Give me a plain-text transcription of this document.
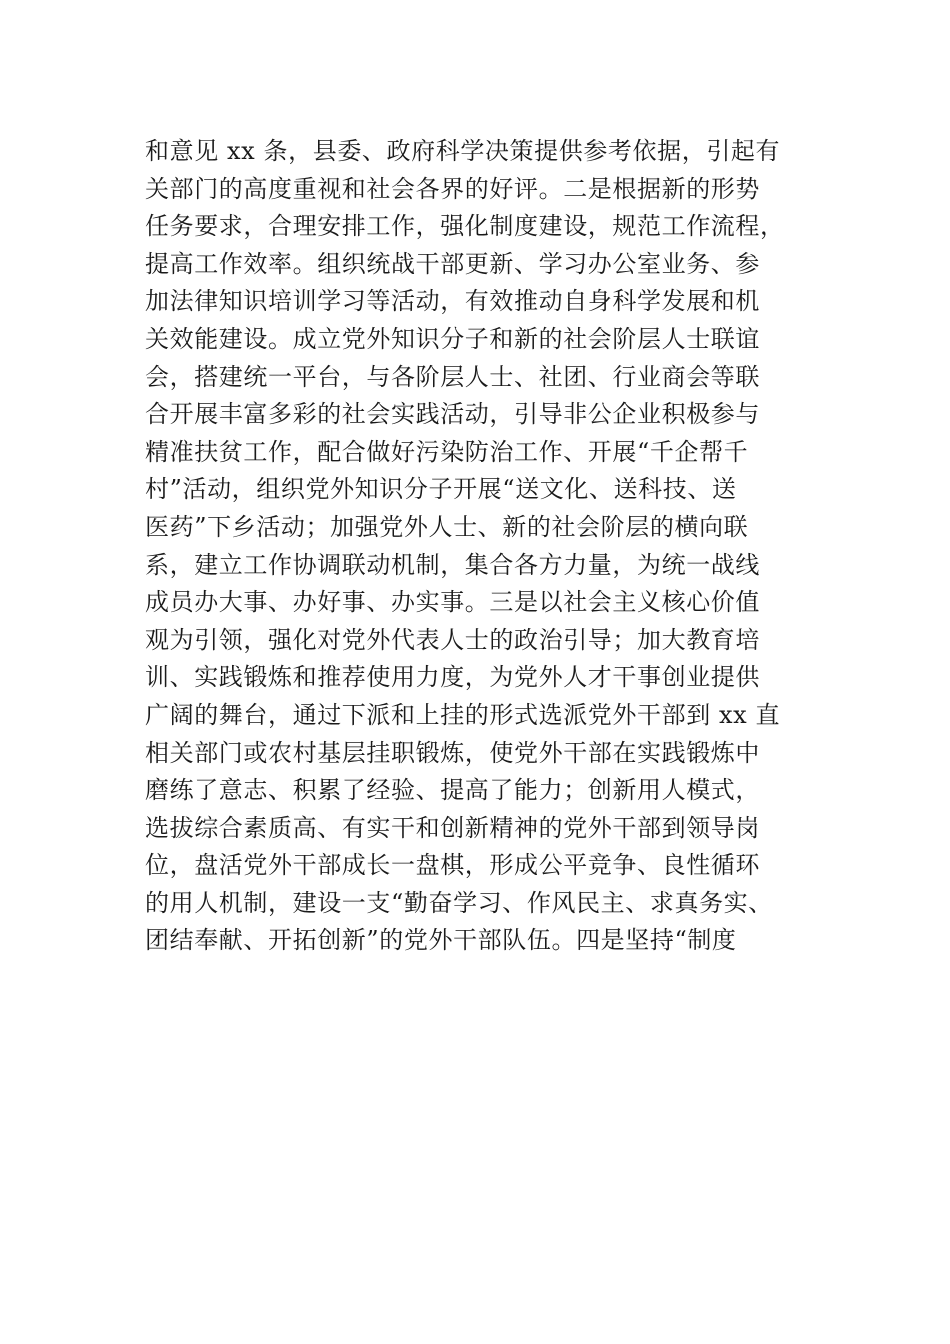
和意见 xx 条，县委、政府科学决策提供参考依据，引起有
关部门的高度重视和社会各界的好评。二是根据新的形势
任务要求，合理安排工作，强化制度建设，规范工作流程，
提高工作效率。组织统战干部更新、学习办公室业务、参
加法律知识培训学习等活动，有效推动自身科学发展和机
关效能建设。成立党外知识分子和新的社会阶层人士联谊
会，搭建统一平台，与各阶层人士、社团、行业商会等联
合开展丰富多彩的社会实践活动，引导非公企业积极参与
精准扶贫工作，配合做好污染防治工作、开展“千企帮千
村”活动，组织党外知识分子开展“送文化、送科技、送
医药”下乡活动；加强党外人士、新的社会阶层的横向联
系，建立工作协调联动机制，集合各方力量，为统一战线
成员办大事、办好事、办实事。三是以社会主义核心价值
观为引领，强化对党外代表人士的政治引导；加大教育培
训、实践锻炼和推荐使用力度，为党外人才干事创业提供
广阔的舞台，通过下派和上挂的形式选派党外干部到 xx 直
相关部门或农村基层挂职锻炼，使党外干部在实践锻炼中
磨练了意志、积累了经验、提高了能力；创新用人模式，
选拔综合素质高、有实干和创新精神的党外干部到领导岗
位，盘活党外干部成长一盘棋，形成公平竞争、良性循环
的用人机制，建设一支“勤奋学习、作风民主、求真务实、
团结奉献、开拓创新”的党外干部队伍。四是坚持“制度
